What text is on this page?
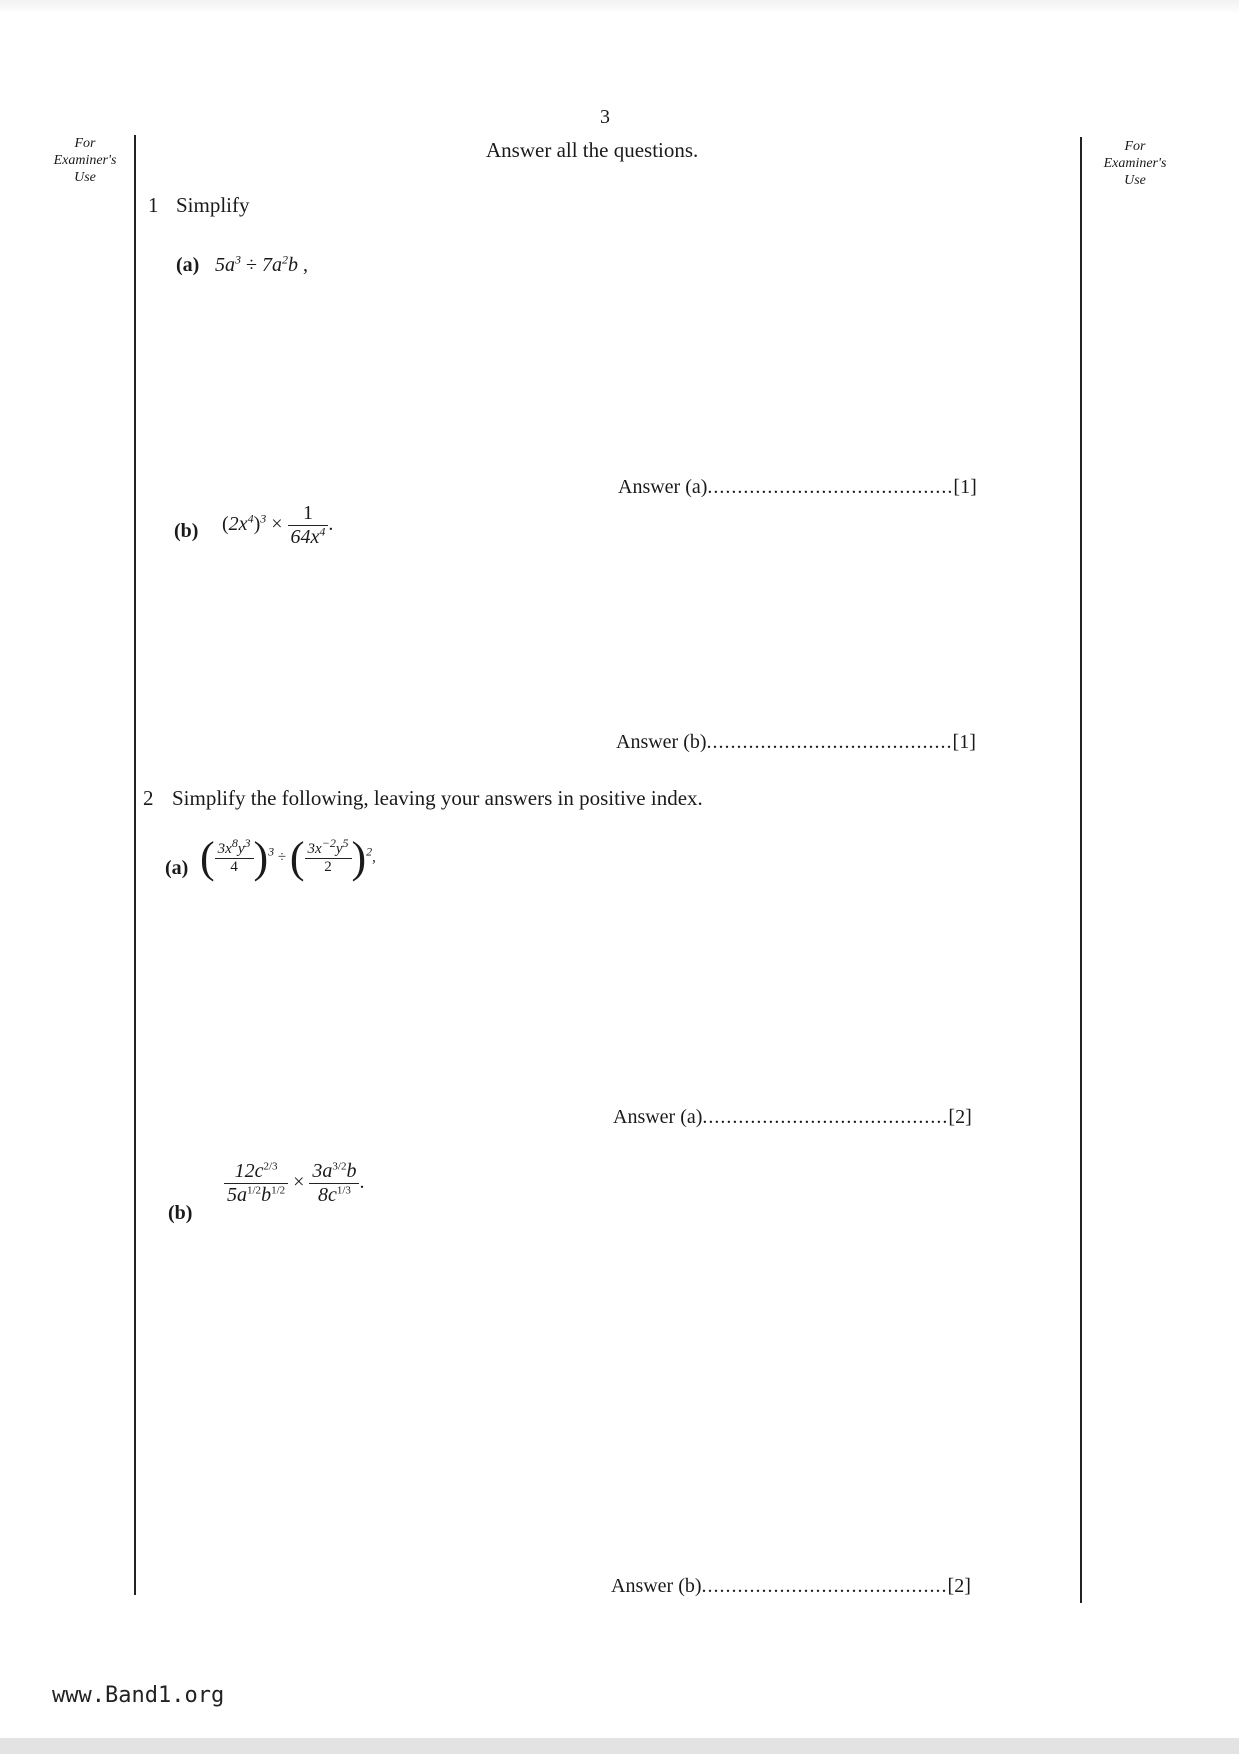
For
Examiner's
Use
For
Examiner's
Use
3
Answer all the questions.
1 Simplify
(a) $5a^3 \div 7a^2b$ ,
Answer (a).........................................[1]
(b) $(2x^4)^3 \times \frac{1}{64x^4}$ .
Answer (b).........................................[1]
2 Simplify the following, leaving your answers in positive index.
(a) ( $\frac{3x^8y^3}{4} )^3$ ÷ ( $\frac{3x^{-2}y^5}{2} )^2$,
Answer (a).........................................[2]
(b)
$\frac{12c^{2/3}}{5a^{1/2}b^{1/2}} \times \frac{3a^{3/2}b}{8c^{1/3}}$ .
Answer (b).........................................[2]
www.Band1.org
